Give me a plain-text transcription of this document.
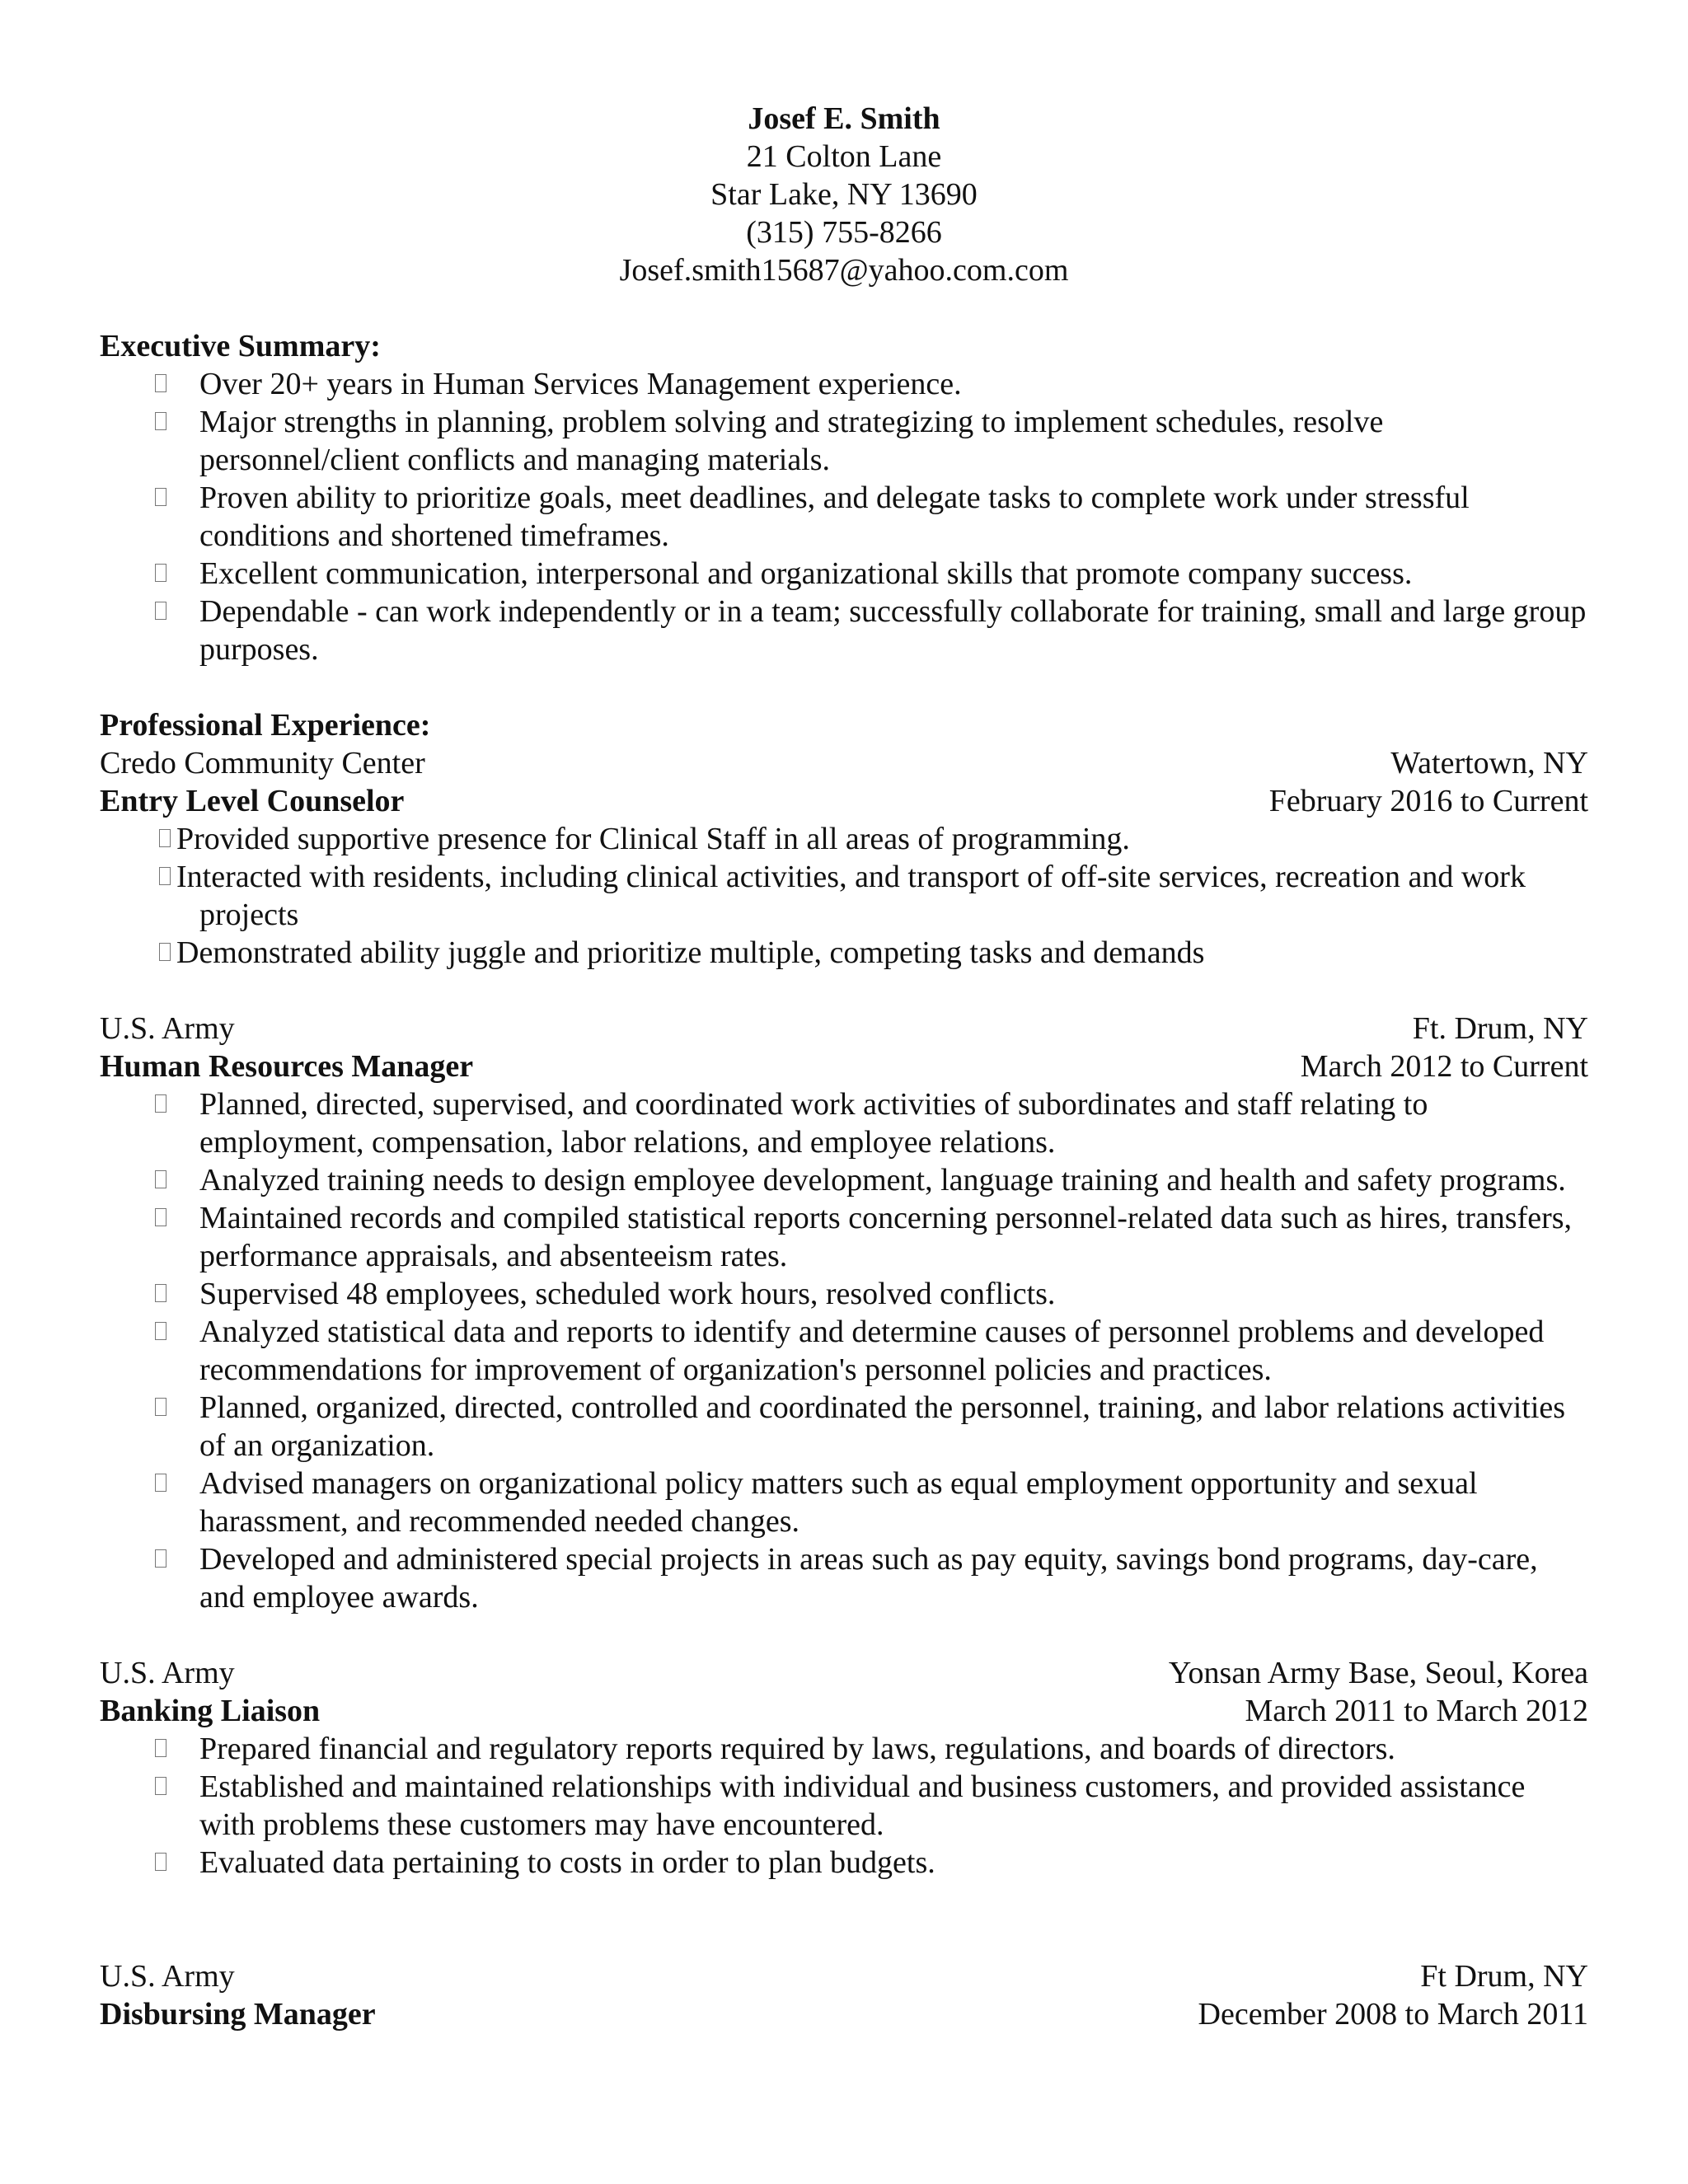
Josef E. Smith
21 Colton Lane
Star Lake, NY 13690
(315) 755-8266
Josef.smith15687@yahoo.com.com
Executive Summary:
Over 20+ years in Human Services Management experience.
Major strengths in planning, problem solving and strategizing to implement schedules, resolve personnel/client conflicts and managing materials.
Proven ability to prioritize goals, meet deadlines, and delegate tasks to complete work under stressful conditions and shortened timeframes.
Excellent communication, interpersonal and organizational skills that promote company success.
Dependable - can work independently or in a team; successfully collaborate for training, small and large group purposes.
Professional Experience:
Credo Community Center	Watertown, NY
Entry Level Counselor	February 2016 to Current
Provided supportive presence for Clinical Staff in all areas of programming.
Interacted with residents, including clinical activities, and transport of off-site services, recreation and work projects
Demonstrated ability juggle and prioritize multiple, competing tasks and demands
U.S. Army	Ft. Drum, NY
Human Resources Manager	March 2012 to Current
Planned, directed, supervised, and coordinated work activities of subordinates and staff relating to employment, compensation, labor relations, and employee relations.
Analyzed training needs to design employee development, language training and health and safety programs.
Maintained records and compiled statistical reports concerning personnel-related data such as hires, transfers, performance appraisals, and absenteeism rates.
Supervised 48 employees, scheduled work hours, resolved conflicts.
Analyzed statistical data and reports to identify and determine causes of personnel problems and developed recommendations for improvement of organization's personnel policies and practices.
Planned, organized, directed, controlled and coordinated the personnel, training, and labor relations activities of an organization.
Advised managers on organizational policy matters such as equal employment opportunity and sexual harassment, and recommended needed changes.
Developed and administered special projects in areas such as pay equity, savings bond programs, day-care, and employee awards.
U.S. Army	Yonsan Army Base, Seoul, Korea
Banking Liaison	March 2011 to March 2012
Prepared financial and regulatory reports required by laws, regulations, and boards of directors.
Established and maintained relationships with individual and business customers, and provided assistance with problems these customers may have encountered.
Evaluated data pertaining to costs in order to plan budgets.
U.S. Army	Ft Drum, NY
Disbursing Manager	December 2008 to March 2011
